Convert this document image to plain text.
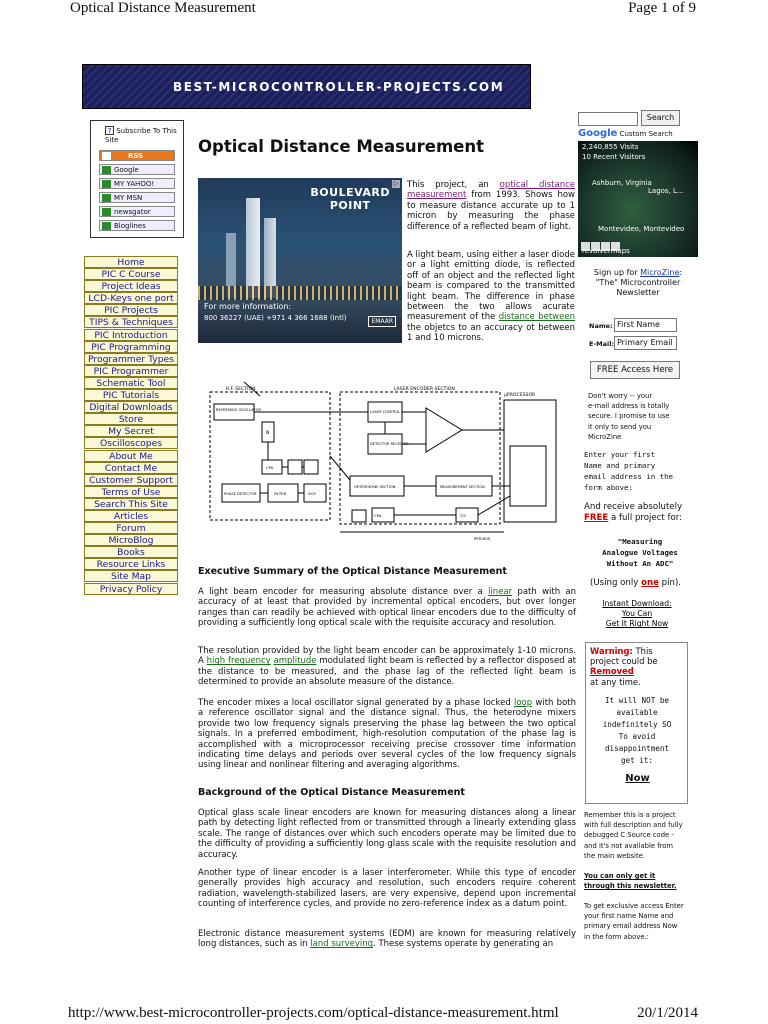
Optical Distance Measurement	Page 1 of 9
BEST-MICROCONTROLLER-PROJECTS.COM
? Subscribe To This Site
RSS
Google
MY YAHOO!
MY MSN
newsgator
Bloglines
Home
PIC C Course
Project Ideas
LCD-Keys one port
PIC Projects
TIPS & Techniques
PIC Introduction
PIC Programming
Programmer Types
PIC Programmer
Schematic Tool
PIC Tutorials
Digital Downloads
Store
My Secret
Oscilloscopes
About Me
Contact Me
Customer Support
Terms of Use
Search This Site
Articles
Forum
MicroBlog
Books
Resource Links
Site Map
Privacy Policy
Optical Distance Measurement
BOULEVARD
POINT
For more information:
800 36227 (UAE) +971 4 366 1688 (Intl)	EMAAR
▷ This project, an optical distance measurement from 1993. Shows how to measure distance accurate up to 1 micron by measuring the phase difference of a reflected beam of light.
A light beam, using either a laser diode or a light emitting diode, is reflected off of an object and the reflected light beam is compared to the transmitted light beam. The difference in phase between the two allows acurate measurement of the distance between the objetcs to an accuracy ot between 1 and 10 microns.
R.F. SECTION	LASER ENCODER SECTION
µPROCESSOR
REFERENCE OSCILLATOR
N
LASER CONTROL
DETECTOR RECEIVER
PHASE DETECTOR	FILTER	VCO
CPA
HETERODYNE SECTION	MEASUREMENT SECTION
CPA	T/C
PER.BOS
Executive Summary of the Optical Distance Measurement
A light beam encoder for measuring absolute distance over a linear path with an accuracy of at least that provided by incremental optical encoders, but over longer ranges than can readily be achieved with optical linear encoders due to the difficulty of providing a sufficiently long optical scale with the requisite accuracy and resolution.
The resolution provided by the light beam encoder can be approximately 1-10 microns. A high frequency amplitude modulated light beam is reflected by a reflector disposed at the distance to be measured, and the phase lag of the reflected light beam is determined to provide an absolute measure of the distance.
The encoder mixes a local oscillator signal generated by a phase locked loop with both a reference oscillator signal and the distance signal. Thus, the heterodyne mixers provide two low frequency signals preserving the phase lag between the two optical signals. In a preferred embodiment, high-resolution computation of the phase lag is accomplished with a microprocessor receiving precise crossover time information indicating time delays and periods over several cycles of the low frequency signals using linear and nonlinear filtering and averaging algorithms.
Background of the Optical Distance Measurement
Optical glass scale linear encoders are known for measuring distances along a linear path by detecting light reflected from or transmitted through a linearly extending glass scale. The range of distances over which such encoders operate may be limited due to the difficulty of providing a sufficiently long glass scale with the requisite resolution and accuracy.
Another type of linear encoder is a laser interferometer. While this type of encoder generally provides high accuracy and resolution, such encoders require coherent radiation, wavelength-stabilized lasers, are very expensive, depend upon incremental counting of interference cycles, and provide no zero-reference index as a datum point.
Electronic distance measurement systems (EDM) are known for measuring relatively long distances, such as in land surveying. These systems operate by generating an
Search
Google Custom Search
2,240,855 Visits
10 Recent Visitors
Ashburn, Virginia
Lagos, L...
Montevideo, Montevideo
revolvermaps
Sign up for MicroZine:
"The" Microcontroller Newsletter
Name: First Name
E-Mail: Primary Email
FREE Access Here
Don't worry -- your
e-mail address is totally
secure. I promise to use
it only to send you
MicroZine
Enter your first
Name and primary
email address in the
form above:
And receive absolutely
FREE a full project for:
"Measuring
Analogue Voltages
Without An ADC"
(Using only one pin).
Instant Download:
You Can
Get It Right Now
Warning: This
project could be
Removed
at any time.
It will NOT be
available
indefinitely SO
To avoid
disappointment
get it:
Now
Remember this is a project
with full description and fully
debugged C Source code -
and it's not available from
the main website.
You can only get it
through this newsletter.
To get exclusive access Enter
your first name Name and
primary email address Now
in the form above.:
http://www.best-microcontroller-projects.com/optical-distance-measurement.html	20/1/2014
